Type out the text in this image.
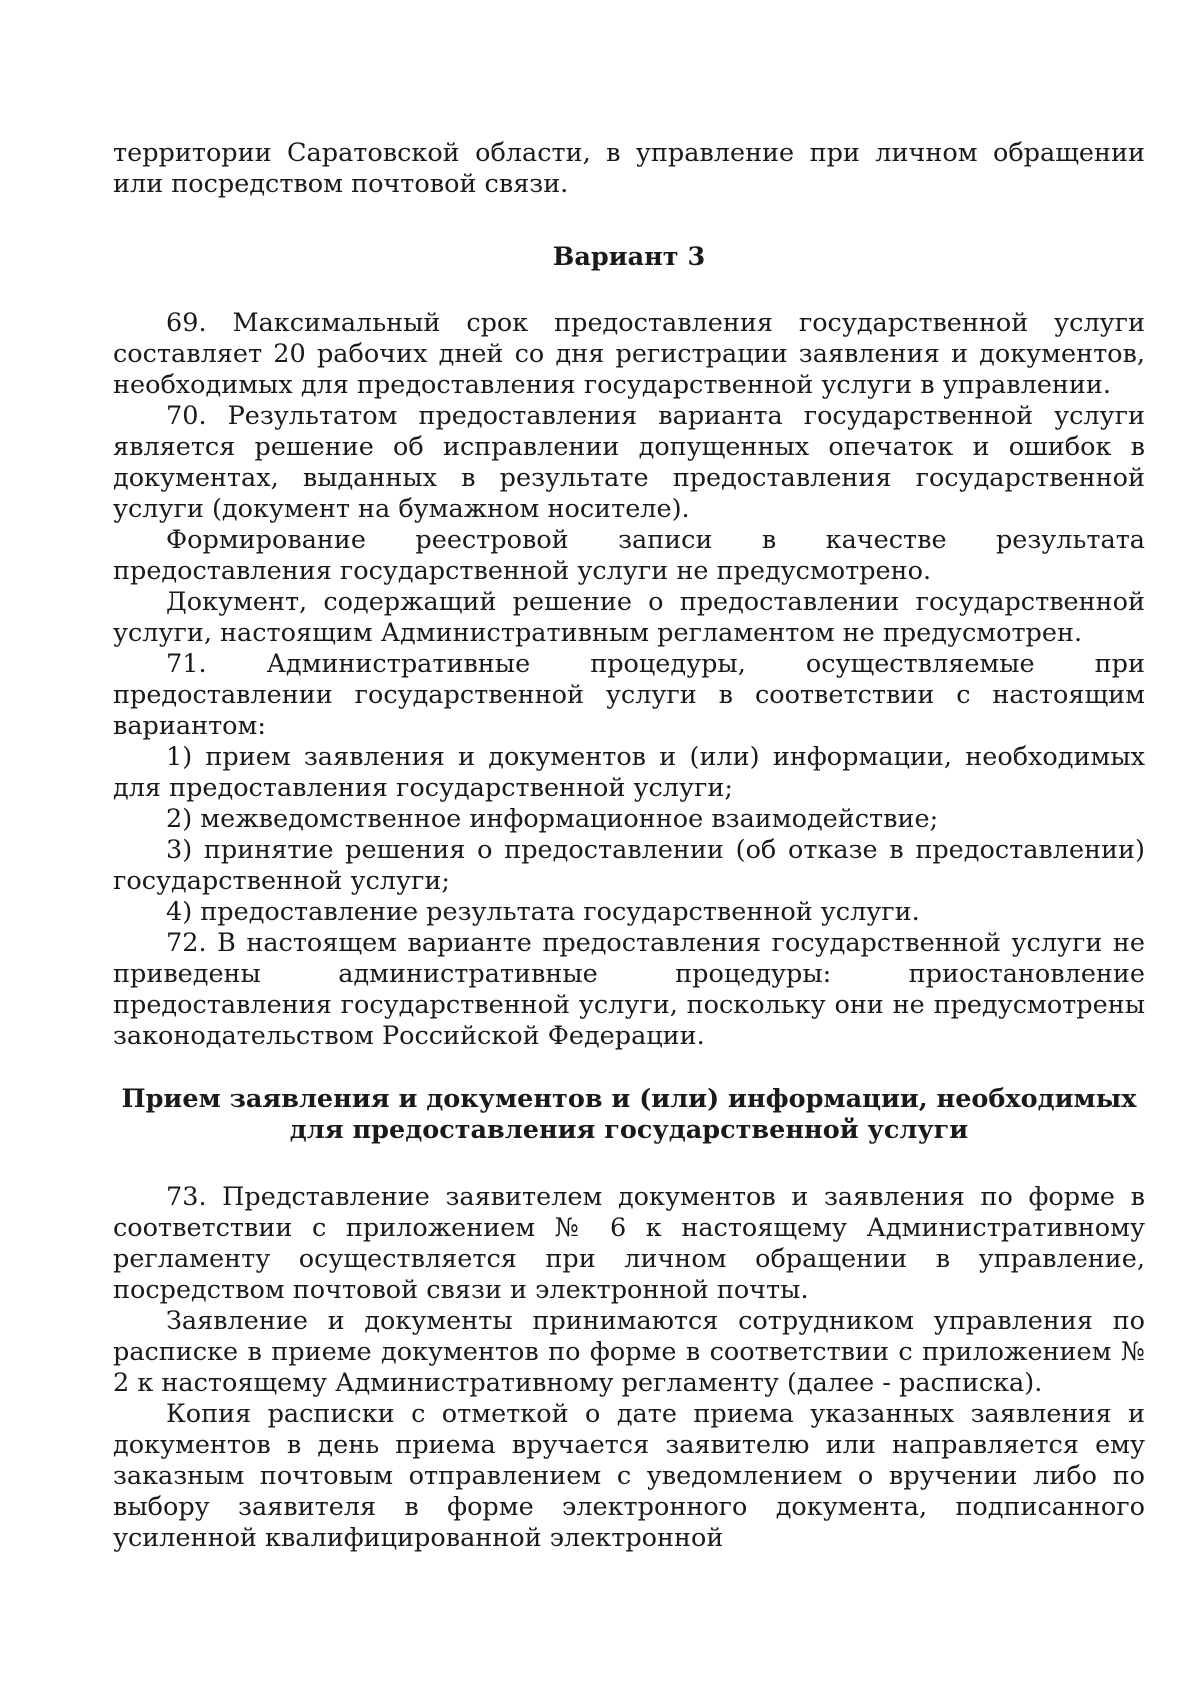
территории Саратовской области, в управление при личном обращении или посредством почтовой связи.

Вариант 3

69. Максимальный срок предоставления государственной услуги составляет 20 рабочих дней со дня регистрации заявления и документов, необходимых для предоставления государственной услуги в управлении.

70. Результатом предоставления варианта государственной услуги является решение об исправлении допущенных опечаток и ошибок в документах, выданных в результате предоставления государственной услуги (документ на бумажном носителе).

Формирование реестровой записи в качестве результата предоставления государственной услуги не предусмотрено.

Документ, содержащий решение о предоставлении государственной услуги, настоящим Административным регламентом не предусмотрен.

71. Административные процедуры, осуществляемые при предоставлении государственной услуги в соответствии с настоящим вариантом:

1) прием заявления и документов и (или) информации, необходимых для предоставления государственной услуги;

2) межведомственное информационное взаимодействие;

3) принятие решения о предоставлении (об отказе в предоставлении) государственной услуги;

4) предоставление результата государственной услуги.

72. В настоящем варианте предоставления государственной услуги не приведены административные процедуры: приостановление предоставления государственной услуги, поскольку они не предусмотрены законодательством Российской Федерации.

Прием заявления и документов и (или) информации, необходимых
для предоставления государственной услуги

73. Представление заявителем документов и заявления по форме в соответствии с приложением № 6 к настоящему Административному регламенту осуществляется при личном обращении в управление, посредством почтовой связи и электронной почты.

Заявление и документы принимаются сотрудником управления по расписке в приеме документов по форме в соответствии с приложением № 2 к настоящему Административному регламенту (далее - расписка).

Копия расписки с отметкой о дате приема указанных заявления и документов в день приема вручается заявителю или направляется ему заказным почтовым отправлением с уведомлением о вручении либо по выбору заявителя в форме электронного документа, подписанного усиленной квалифицированной электронной
